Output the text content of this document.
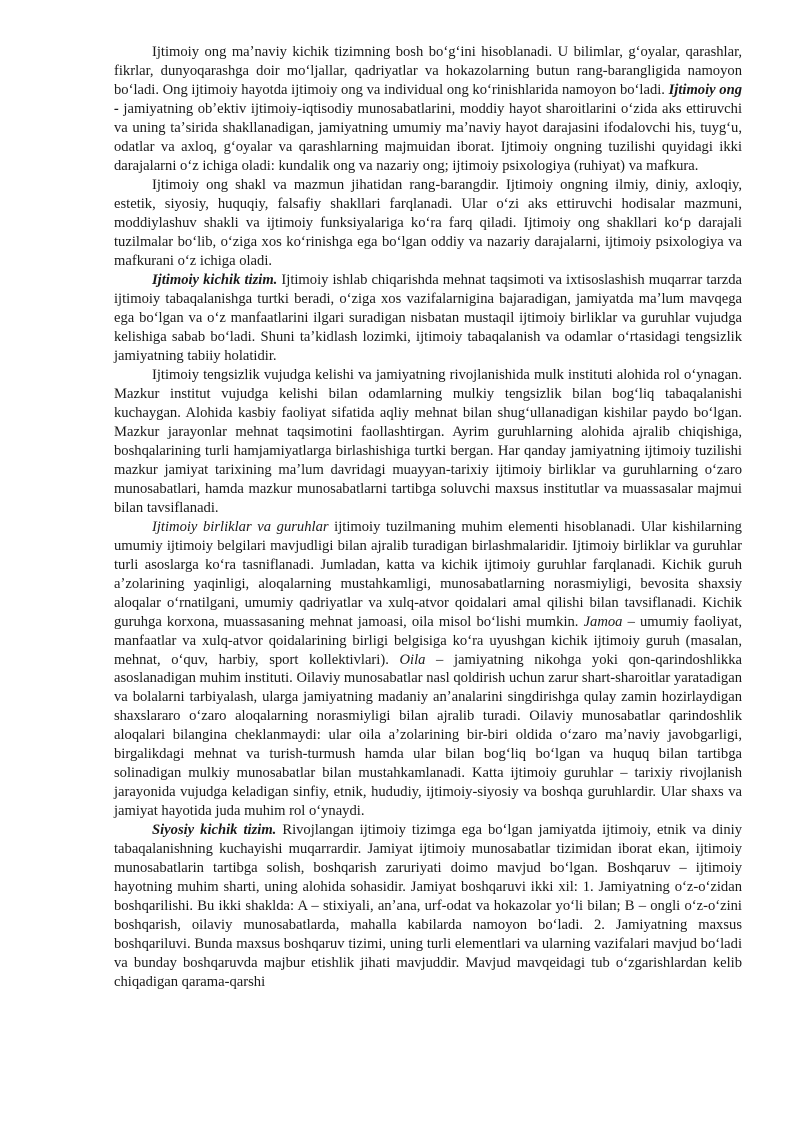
Ijtimoiy ong maʼnaviy kichik tizimning bosh boʻgʻini hisoblanadi. U bilimlar, gʻoyalar, qarashlar, fikrlar, dunyoqarashga doir moʻljallar, qadriyatlar va hokazolarning butun rang-barangligida namoyon boʻladi. Ong ijtimoiy hayotda ijtimoiy ong va individual ong koʻrinishlarida namoyon boʻladi. Ijtimoiy ong - jamiyatning obʼektiv ijtimoiy-iqtisodiy munosabatlarini, moddiy hayot sharoitlarini oʻzida aks ettiruvchi va uning taʼsirida shakllanadigan, jamiyatning umumiy maʼnaviy hayot darajasini ifodalovchi his, tuygʻu, odatlar va axloq, gʻoyalar va qarashlarning majmuidan iborat. Ijtimoiy ongning tuzilishi quyidagi ikki darajalarni oʻz ichiga oladi: kundalik ong va nazariy ong; ijtimoiy psixologiya (ruhiyat) va mafkura.

Ijtimoiy ong shakl va mazmun jihatidan rang-barangdir. Ijtimoiy ongning ilmiy, diniy, axloqiy, estetik, siyosiy, huquqiy, falsafiy shakllari farqlanadi. Ular oʻzi aks ettiruvchi hodisalar mazmuni, moddiylashuv shakli va ijtimoiy funksiyalariga koʻra farq qiladi. Ijtimoiy ong shakllari koʻp darajali tuzilmalar boʻlib, oʻziga xos koʻrinishga ega boʻlgan oddiy va nazariy darajalarni, ijtimoiy psixologiya va mafkurani oʻz ichiga oladi.

Ijtimoiy kichik tizim. Ijtimoiy ishlab chiqarishda mehnat taqsimoti va ixtisoslashish muqarrar tarzda ijtimoiy tabaqalanishga turtki beradi, oʻziga xos vazifalarnigina bajaradigan, jamiyatda maʼlum mavqega ega boʻlgan va oʻz manfaatlarini ilgari suradigan nisbatan mustaqil ijtimoiy birliklar va guruhlar vujudga kelishiga sabab boʻladi. Shuni taʼkidlash lozimki, ijtimoiy tabaqalanish va odamlar oʻrtasidagi tengsizlik jamiyatning tabiiy holatidir.

Ijtimoiy tengsizlik vujudga kelishi va jamiyatning rivojlanishida mulk instituti alohida rol oʻynagan. Mazkur institut vujudga kelishi bilan odamlarning mulkiy tengsizlik bilan bogʻliq tabaqalanishi kuchaygan. Alohida kasbiy faoliyat sifatida aqliy mehnat bilan shugʻullanadigan kishilar paydo boʻlgan. Mazkur jarayonlar mehnat taqsimotini faollashtirgan. Ayrim guruhlarning alohida ajralib chiqishiga, boshqalarining turli hamjamiyatlarga birlashishiga turtki bergan. Har qanday jamiyatning ijtimoiy tuzilishi mazkur jamiyat tarixining maʼlum davridagi muayyan-tarixiy ijtimoiy birliklar va guruhlarning oʻzaro munosabatlari, hamda mazkur munosabatlarni tartibga soluvchi maxsus institutlar va muassasalar majmui bilan tavsiflanadi.

Ijtimoiy birliklar va guruhlar ijtimoiy tuzilmaning muhim elementi hisoblanadi. Ular kishilarning umumiy ijtimoiy belgilari mavjudligi bilan ajralib turadigan birlashmalaridir. Ijtimoiy birliklar va guruhlar turli asoslarga koʻra tasniflanadi. Jumladan, katta va kichik ijtimoiy guruhlar farqlanadi. Kichik guruh aʼzolarining yaqinligi, aloqalarning mustahkamligi, munosabatlarning norasmiyligi, bevosita shaxsiy aloqalar oʻrnatilgani, umumiy qadriyatlar va xulq-atvor qoidalari amal qilishi bilan tavsiflanadi. Kichik guruhga korxona, muassasaning mehnat jamoasi, oila misol boʻlishi mumkin. Jamoa – umumiy faoliyat, manfaatlar va xulq-atvor qoidalarining birligi belgisiga koʻra uyushgan kichik ijtimoiy guruh (masalan, mehnat, oʻquv, harbiy, sport kollektivlari). Oila – jamiyatning nikohga yoki qon-qarindoshlikka asoslanadigan muhim instituti. Oilaviy munosabatlar nasl qoldirish uchun zarur shart-sharoitlar yaratadigan va bolalarni tarbiyalash, ularga jamiyatning madaniy anʼanalarini singdirishga qulay zamin hozirlaydigan shaxslararo oʻzaro aloqalarning norasmiyligi bilan ajralib turadi. Oilaviy munosabatlar qarindoshlik aloqalari bilangina cheklanmaydi: ular oila aʼzolarining bir-biri oldida oʻzaro maʼnaviy javobgarligi, birgalikdagi mehnat va turish-turmush hamda ular bilan bogʻliq boʻlgan va huquq bilan tartibga solinadigan mulkiy munosabatlar bilan mustahkamlanadi. Katta ijtimoiy guruhlar – tarixiy rivojlanish jarayonida vujudga keladigan sinfiy, etnik, hududiy, ijtimoiy-siyosiy va boshqa guruhlardir. Ular shaxs va jamiyat hayotida juda muhim rol oʻynaydi.

Siyosiy kichik tizim. Rivojlangan ijtimoiy tizimga ega boʻlgan jamiyatda ijtimoiy, etnik va diniy tabaqalanishning kuchayishi muqarrardir. Jamiyat ijtimoiy munosabatlar tizimidan iborat ekan, ijtimoiy munosabatlarin tartibga solish, boshqarish zaruriyati doimo mavjud boʻlgan. Boshqaruv – ijtimoiy hayotning muhim sharti, uning alohida sohasidir. Jamiyat boshqaruvi ikki xil: 1. Jamiyatning oʻz-oʻzidan boshqarilishi. Bu ikki shaklda: A – stixiyali, anʼana, urf-odat va hokazolar yoʻli bilan; B – ongli oʻz-oʻzini boshqarish, oilaviy munosabatlarda, mahalla kabilarda namoyon boʻladi. 2. Jamiyatning maxsus boshqariluvi. Bunda maxsus boshqaruv tizimi, uning turli elementlari va ularning vazifalari mavjud boʻladi va bunday boshqaruvda majbur etishlik jihati mavjuddir. Mavjud mavqeidagi tub oʻzgarishlardan kelib chiqadigan qarama-qarshi
